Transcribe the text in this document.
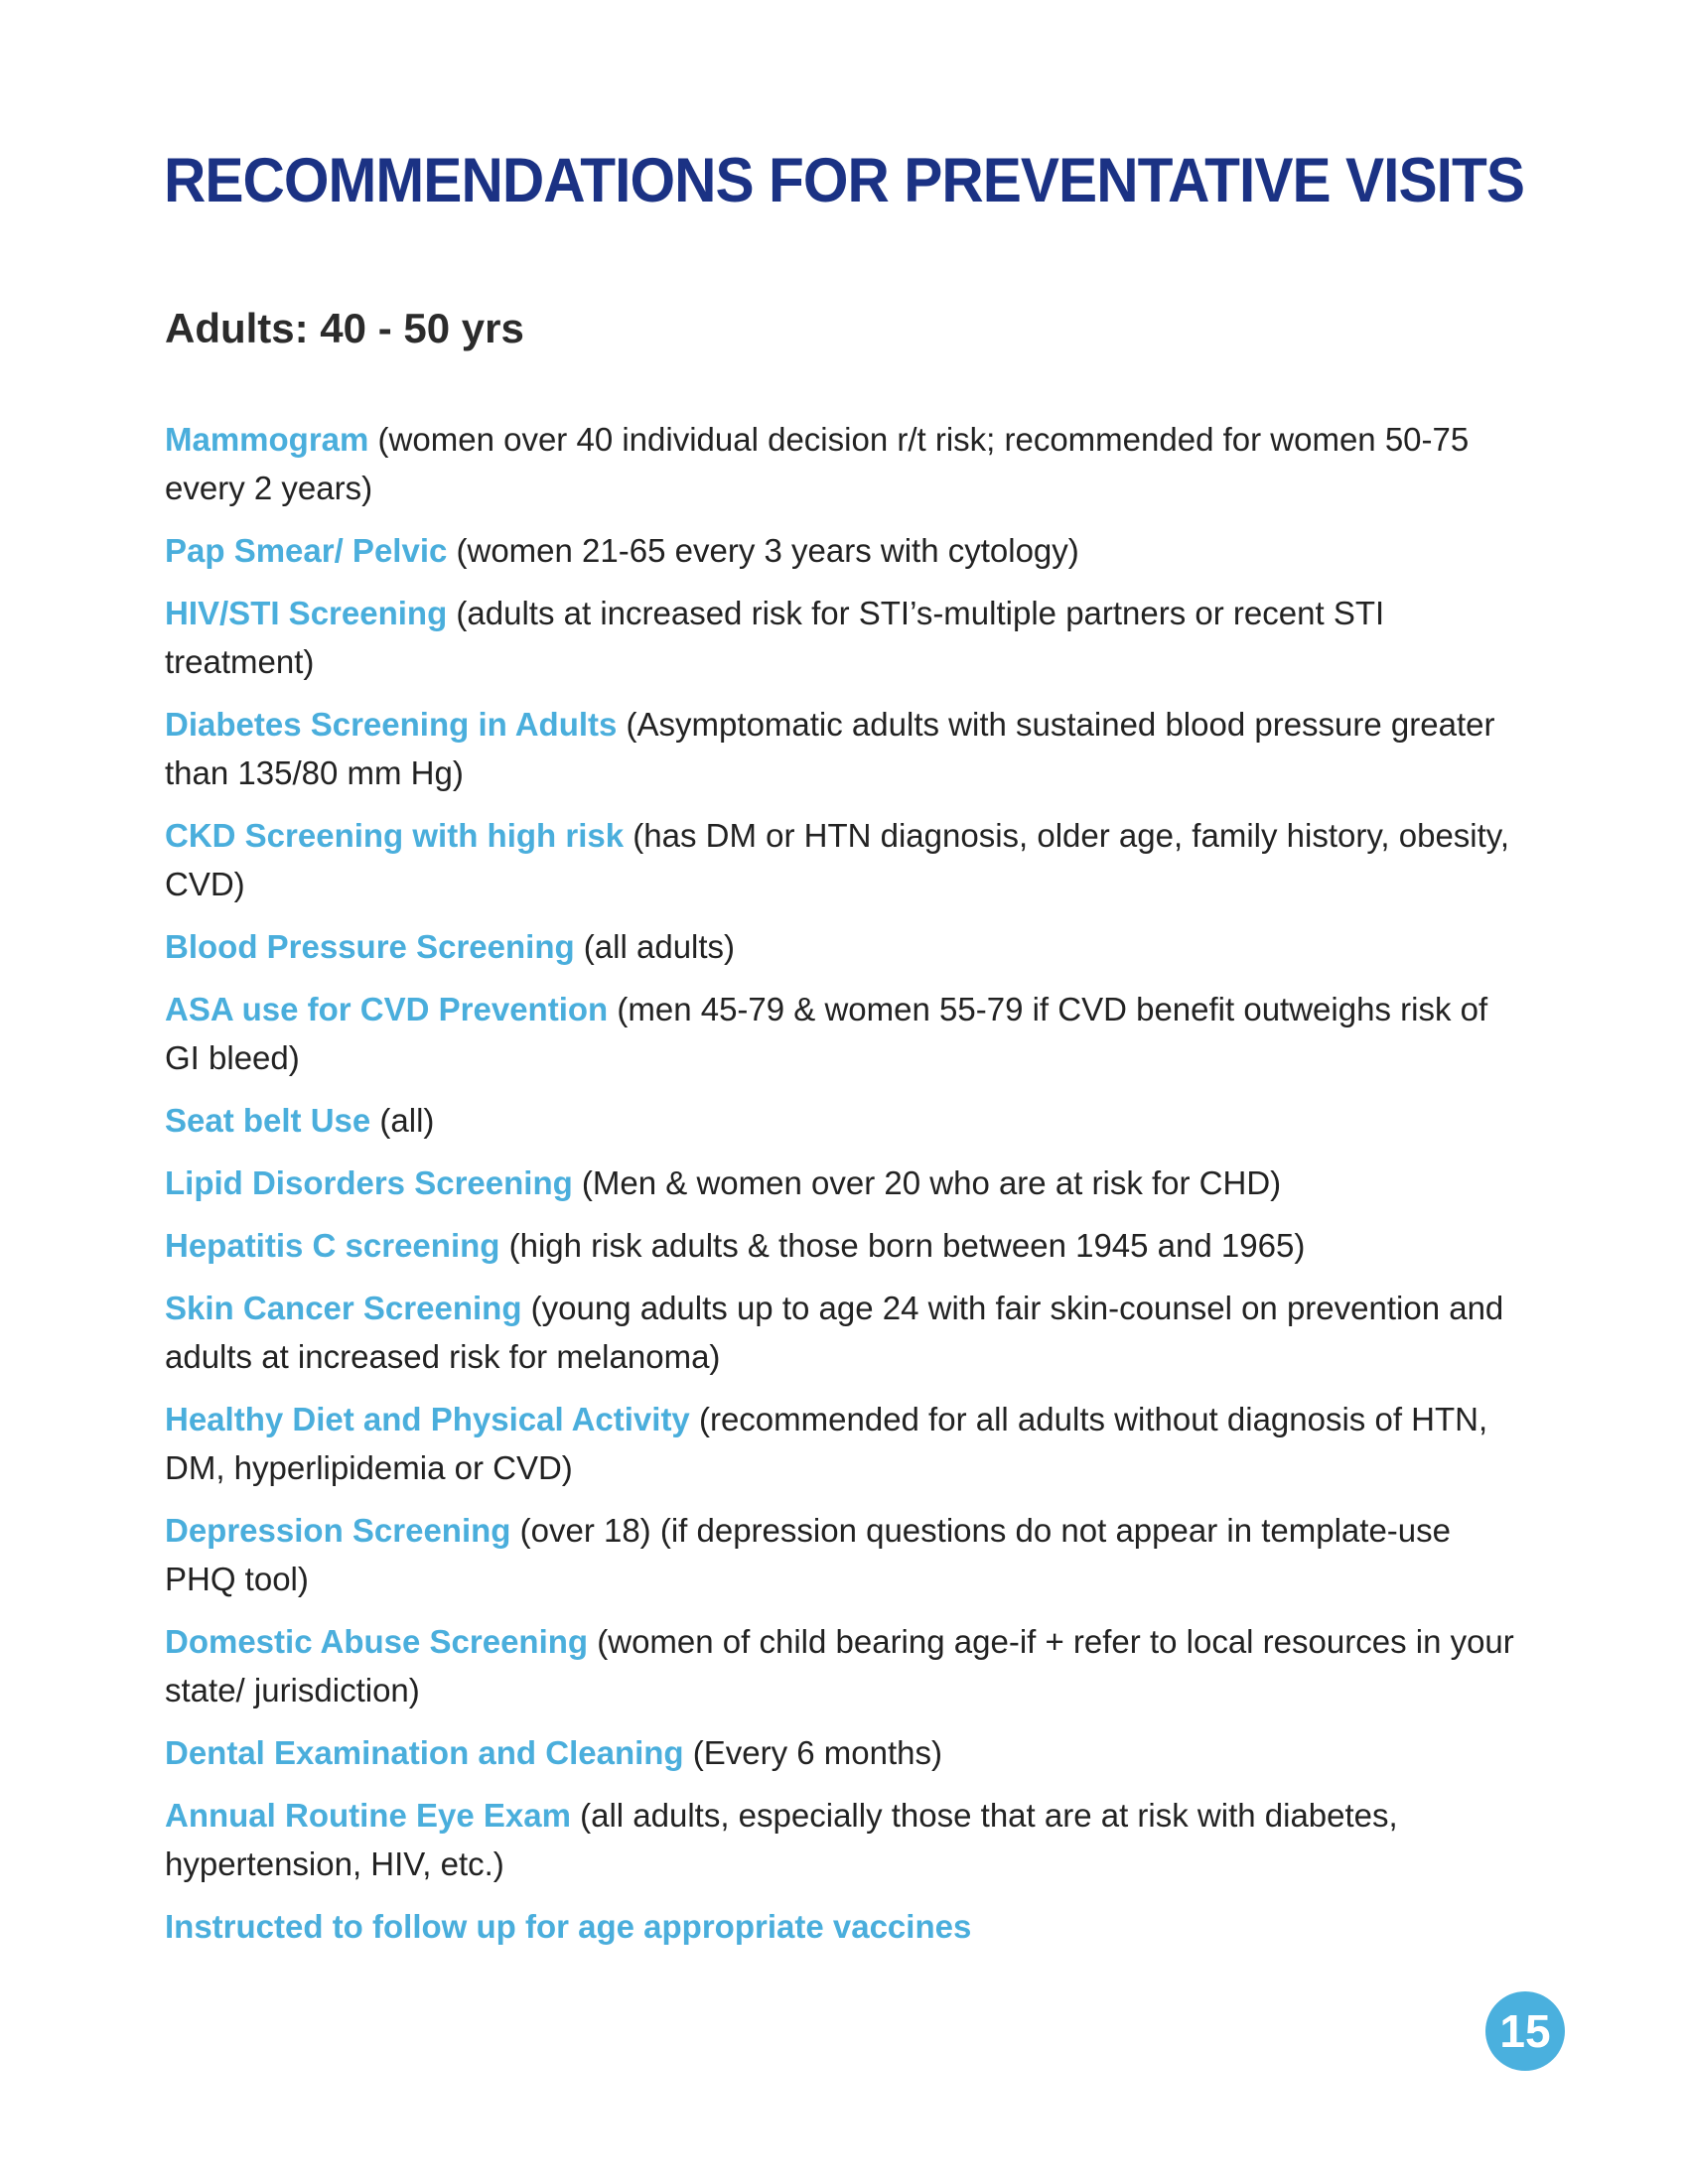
RECOMMENDATIONS FOR PREVENTATIVE VISITS
Adults: 40 - 50 yrs
Mammogram (women over 40 individual decision r/t risk; recommended for women 50-75 every 2 years)
Pap Smear/ Pelvic (women 21-65 every 3 years with cytology)
HIV/STI Screening (adults at increased risk for STI’s-multiple partners or recent STI treatment)
Diabetes Screening in Adults (Asymptomatic adults with sustained blood pressure greater than 135/80 mm Hg)
CKD Screening with high risk (has DM or HTN diagnosis, older age, family history, obesity, CVD)
Blood Pressure Screening (all adults)
ASA use for CVD Prevention (men 45-79 & women 55-79 if CVD benefit outweighs risk of GI bleed)
Seat belt Use (all)
Lipid Disorders Screening (Men & women over 20 who are at risk for CHD)
Hepatitis C screening (high risk adults & those born between 1945 and 1965)
Skin Cancer Screening (young adults up to age 24 with fair skin-counsel on prevention and adults at increased risk for melanoma)
Healthy Diet and Physical Activity (recommended for all adults without diagnosis of HTN, DM, hyperlipidemia or CVD)
Depression Screening (over 18) (if depression questions do not appear in template-use PHQ tool)
Domestic Abuse Screening (women of child bearing age-if + refer to local resources in your state/ jurisdiction)
Dental Examination and Cleaning (Every 6 months)
Annual Routine Eye Exam (all adults, especially those that are at risk with diabetes, hypertension, HIV, etc.)
Instructed to follow up for age appropriate vaccines
15
